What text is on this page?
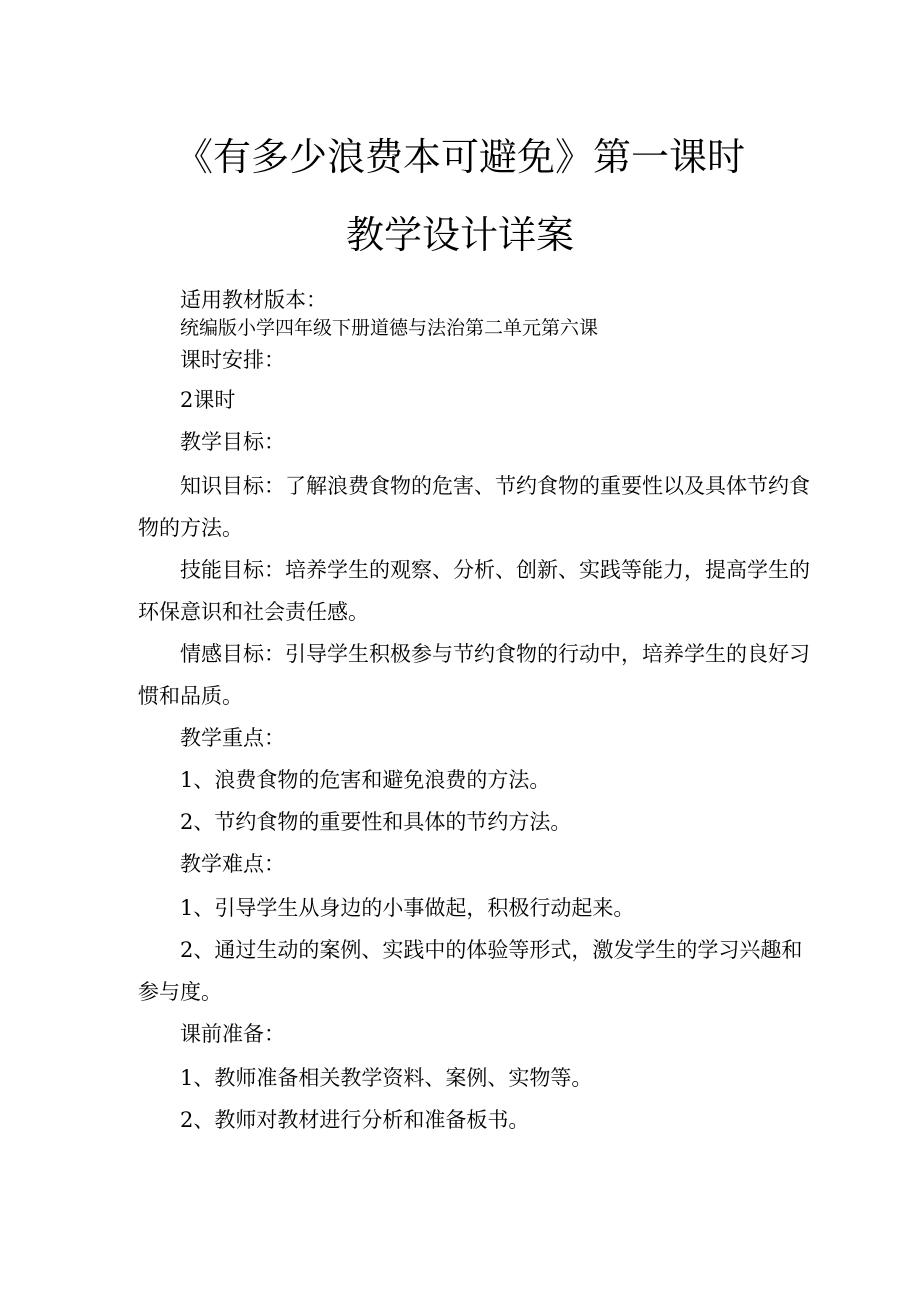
《有多少浪费本可避免》第一课时
教学设计详案

适用教材版本：

统编版小学四年级下册道德与法治第二单元第六课

课时安排：

2课时

教学目标：

知识目标：了解浪费食物的危害、节约食物的重要性以及具体节约食

物的方法。

技能目标：培养学生的观察、分析、创新、实践等能力，提高学生的

环保意识和社会责任感。

情感目标：引导学生积极参与节约食物的行动中，培养学生的良好习

惯和品质。

教学重点：

1、浪费食物的危害和避免浪费的方法。

2、节约食物的重要性和具体的节约方法。

教学难点：

1、引导学生从身边的小事做起，积极行动起来。

2、通过生动的案例、实践中的体验等形式，激发学生的学习兴趣和

参与度。

课前准备：

1、教师准备相关教学资料、案例、实物等。

2、教师对教材进行分析和准备板书。
